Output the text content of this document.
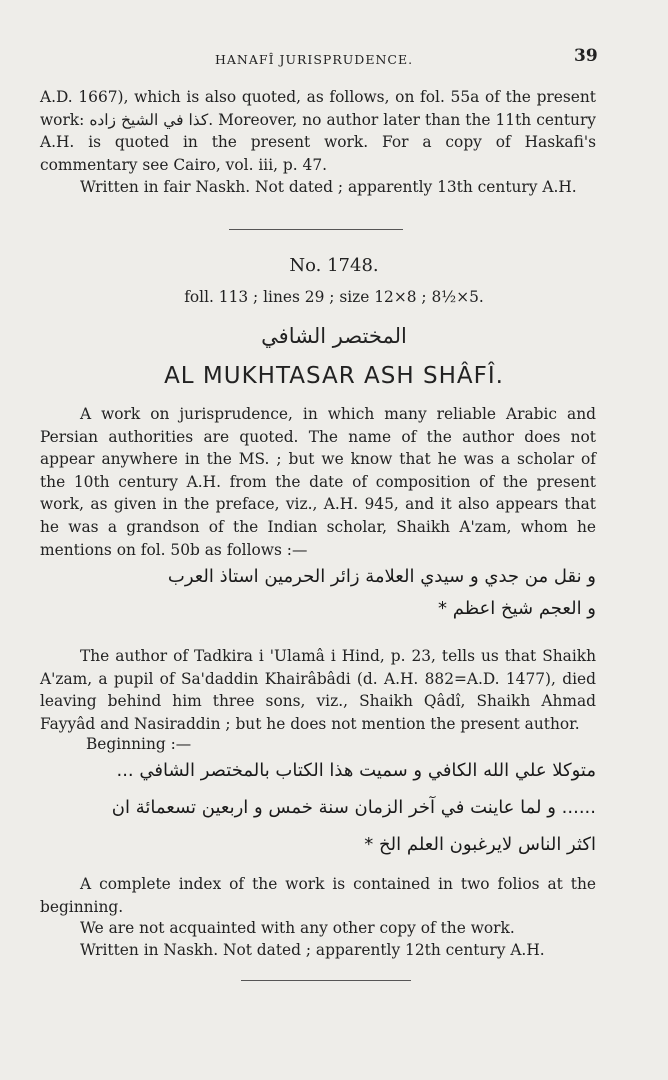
HANAFÎ JURISPRUDENCE.	39

A.D. 1667), which is also quoted, as follows, on fol. 55a of the present work: كذا في الشيخ زاده. Moreover, no author later than the 11th century A.H. is quoted in the present work. For a copy of Haskafi's commentary see Cairo, vol. iii, p. 47.

Written in fair Naskh. Not dated ; apparently 13th century A.H.

No. 1748.
foll. 113 ; lines 29 ; size 12×8 ; 8½×5.
المختصر الشافي
AL MUKHTASAR ASH SHÂFÎ.

A work on jurisprudence, in which many reliable Arabic and Persian authorities are quoted. The name of the author does not appear anywhere in the MS. ; but we know that he was a scholar of the 10th century A.H. from the date of composition of the present work, as given in the preface, viz., A.H. 945, and it also appears that he was a grandson of the Indian scholar, Shaikh A'zam, whom he mentions on fol. 50b as follows :—

و نقل من جدي و سيدي العلامة زائر الحرمين استاذ العرب
و العجم شيخ اعظم *

The author of Tadkira i 'Ulamâ i Hind, p. 23, tells us that Shaikh A'zam, a pupil of Sa'daddin Khairâbâdi (d. A.H. 882=A.D. 1477), died leaving behind him three sons, viz., Shaikh Qâdî, Shaikh Ahmad Fayyâd and Nasiraddin ; but he does not mention the present author.

Beginning :—
متوكلا علي الله الكافي و سميت هذا الكتاب بالمختصر الشافي ...
...... و لما عاينت في آخر الزمان سنة خمس و اربعين تسعمائة ان
اكثر الناس لايرغبون العلم الخ *

A complete index of the work is contained in two folios at the beginning.

We are not acquainted with any other copy of the work.

Written in Naskh. Not dated ; apparently 12th century A.H.
